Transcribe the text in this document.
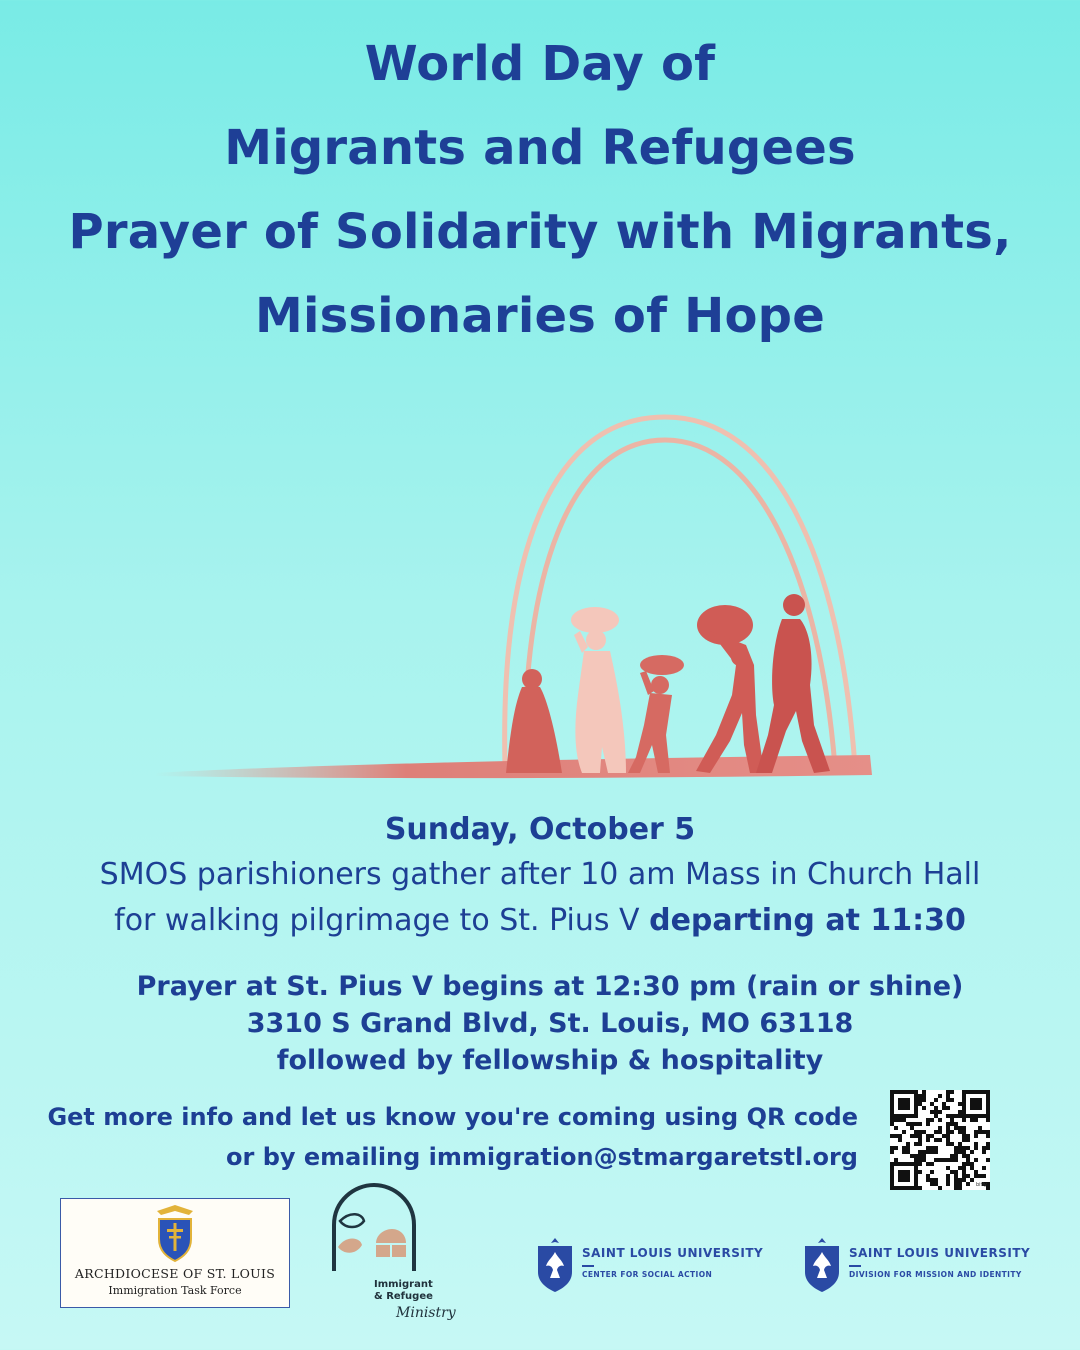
World Day of
Migrants and Refugees
Prayer of Solidarity with Migrants,
Missionaries of Hope
Sunday, October 5
SMOS parishioners gather after 10 am Mass in Church Hall
for walking pilgrimage to St. Pius V departing at 11:30
Prayer at St. Pius V begins at 12:30 pm (rain or shine)
3310 S Grand Blvd, St. Louis, MO 63118
followed by fellowship & hospitality
Get more info and let us know you're coming using QR code
or by emailing immigration@stmargaretstl.org
bitly
ARCHDIOCESE OF ST. LOUIS
Immigration Task Force	Immigrant
& Refugee
Ministry
SAINT LOUIS UNIVERSITY
CENTER FOR SOCIAL ACTION
SAINT LOUIS UNIVERSITY
DIVISION FOR MISSION AND IDENTITY
